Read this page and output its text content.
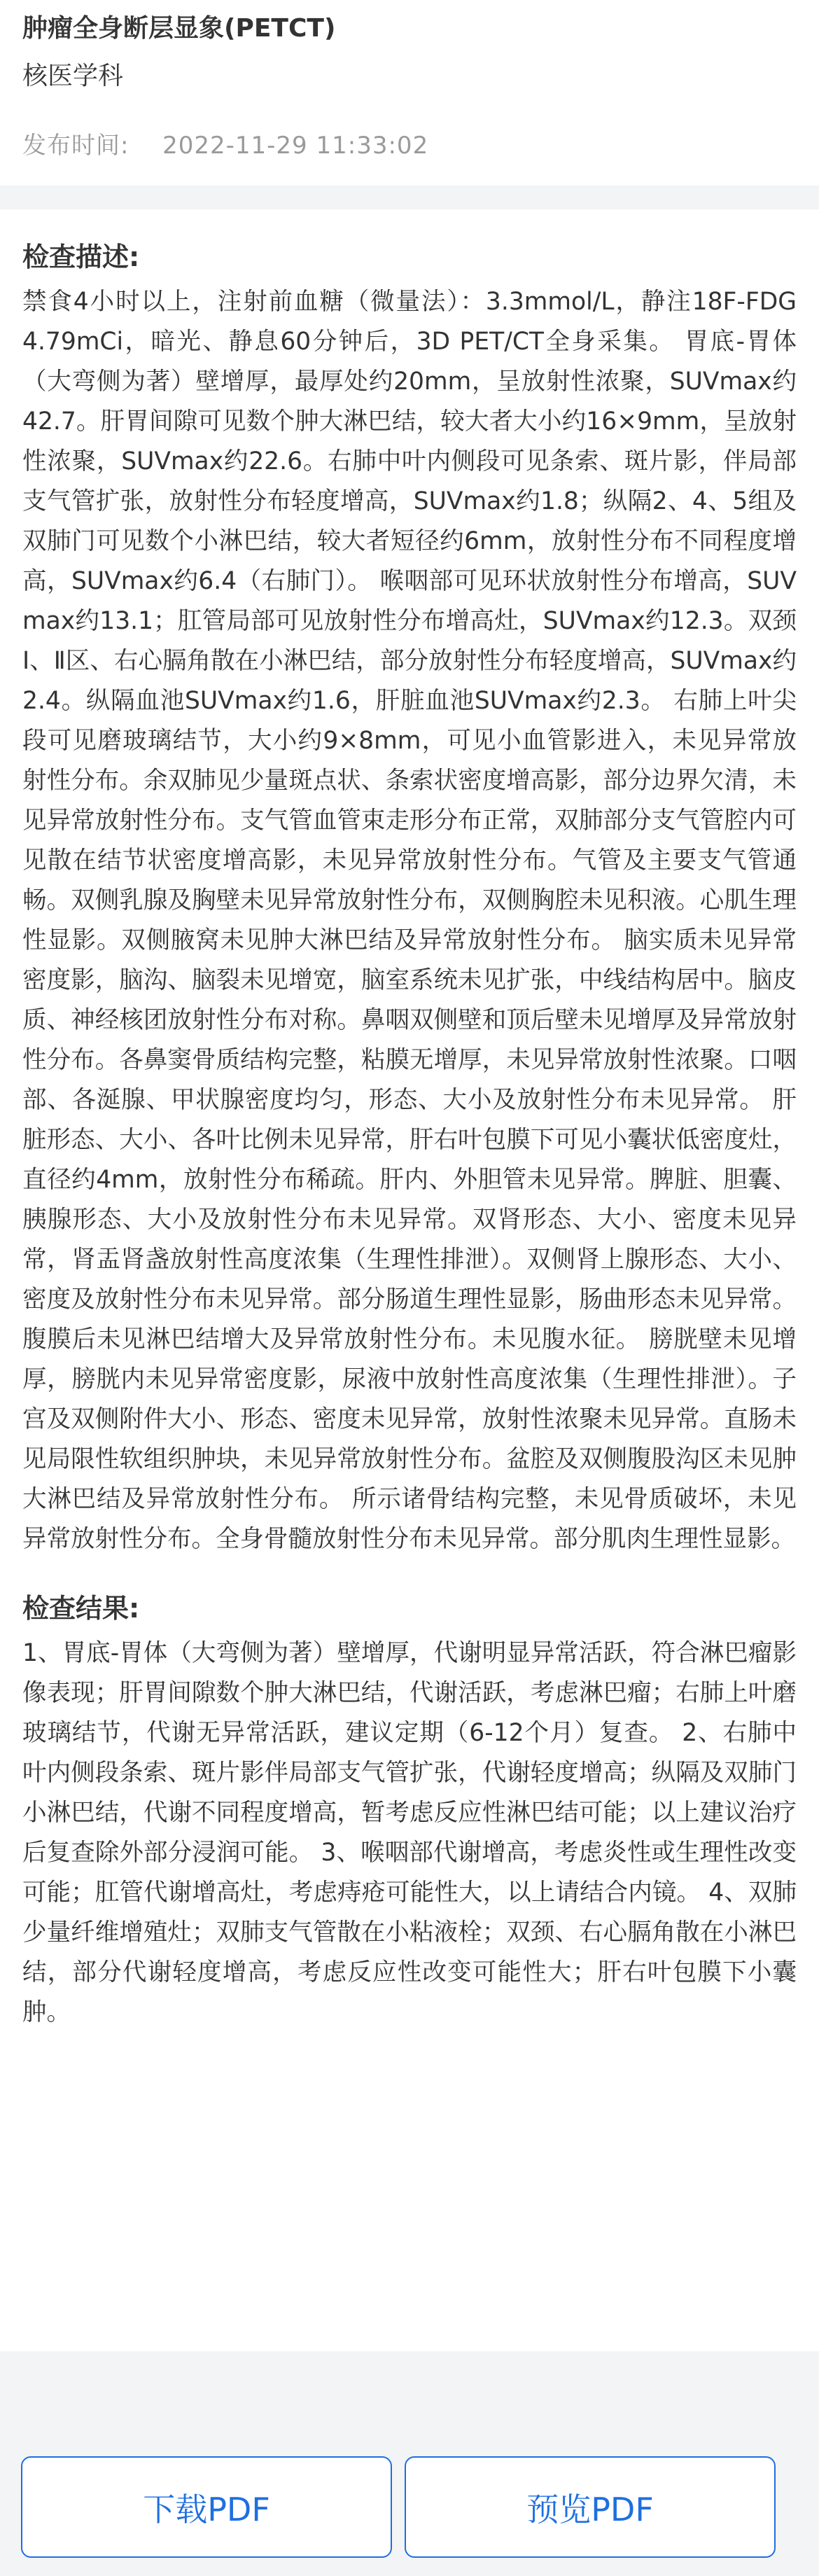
肿瘤全身断层显象(PETCT)
核医学科
发布时间: 2022-11-29 11:33:02
检查描述:

禁食4小时以上，注射前血糖（微量法）：3.3mmol/L，静注18F-FDG 4.79mCi，暗光、静息60分钟后，3D PET/CT全身采集。 胃底-胃体（大弯侧为著）壁增厚，最厚处约20mm，呈放射性浓聚，SUVmax约42.7。肝胃间隙可见数个肿大淋巴结，较大者大小约16×9mm，呈放射性浓聚，SUVmax约22.6。右肺中叶内侧段可见条索、斑片影，伴局部支气管扩张，放射性分布轻度增高，SUVmax约1.8；纵隔2、4、5组及双肺门可见数个小淋巴结，较大者短径约6mm，放射性分布不同程度增高，SUVmax约6.4（右肺门）。 喉咽部可见环状放射性分布增高，SUVmax约13.1；肛管局部可见放射性分布增高灶，SUVmax约12.3。双颈Ⅰ、Ⅱ区、右心膈角散在小淋巴结，部分放射性分布轻度增高，SUVmax约2.4。纵隔血池SUVmax约1.6，肝脏血池SUVmax约2.3。 右肺上叶尖段可见磨玻璃结节，大小约9×8mm，可见小血管影进入，未见异常放射性分布。余双肺见少量斑点状、条索状密度增高影，部分边界欠清，未见异常放射性分布。支气管血管束走形分布正常，双肺部分支气管腔内可见散在结节状密度增高影，未见异常放射性分布。气管及主要支气管通畅。双侧乳腺及胸壁未见异常放射性分布，双侧胸腔未见积液。心肌生理性显影。双侧腋窝未见肿大淋巴结及异常放射性分布。 脑实质未见异常密度影，脑沟、脑裂未见增宽，脑室系统未见扩张，中线结构居中。脑皮质、神经核团放射性分布对称。鼻咽双侧壁和顶后壁未见增厚及异常放射性分布。各鼻窦骨质结构完整，粘膜无增厚，未见异常放射性浓聚。口咽部、各涎腺、甲状腺密度均匀，形态、大小及放射性分布未见异常。 肝脏形态、大小、各叶比例未见异常，肝右叶包膜下可见小囊状低密度灶，直径约4mm，放射性分布稀疏。肝内、外胆管未见异常。脾脏、胆囊、胰腺形态、大小及放射性分布未见异常。双肾形态、大小、密度未见异常，肾盂肾盏放射性高度浓集（生理性排泄）。双侧肾上腺形态、大小、密度及放射性分布未见异常。部分肠道生理性显影，肠曲形态未见异常。腹膜后未见淋巴结增大及异常放射性分布。未见腹水征。 膀胱壁未见增厚，膀胱内未见异常密度影，尿液中放射性高度浓集（生理性排泄）。子宫及双侧附件大小、形态、密度未见异常，放射性浓聚未见异常。直肠未见局限性软组织肿块，未见异常放射性分布。盆腔及双侧腹股沟区未见肿大淋巴结及异常放射性分布。 所示诸骨结构完整，未见骨质破坏，未见异常放射性分布。全身骨髓放射性分布未见异常。部分肌肉生理性显影。

检查结果:

1、胃底-胃体（大弯侧为著）壁增厚，代谢明显异常活跃，符合淋巴瘤影像表现；肝胃间隙数个肿大淋巴结，代谢活跃，考虑淋巴瘤；右肺上叶磨玻璃结节，代谢无异常活跃，建议定期（6-12个月）复查。 2、右肺中叶内侧段条索、斑片影伴局部支气管扩张，代谢轻度增高；纵隔及双肺门小淋巴结，代谢不同程度增高，暂考虑反应性淋巴结可能；以上建议治疗后复查除外部分浸润可能。 3、喉咽部代谢增高，考虑炎性或生理性改变可能；肛管代谢增高灶，考虑痔疮可能性大，以上请结合内镜。 4、双肺少量纤维增殖灶；双肺支气管散在小粘液栓；双颈、右心膈角散在小淋巴结，部分代谢轻度增高，考虑反应性改变可能性大；肝右叶包膜下小囊肿。

下载PDF	预览PDF
